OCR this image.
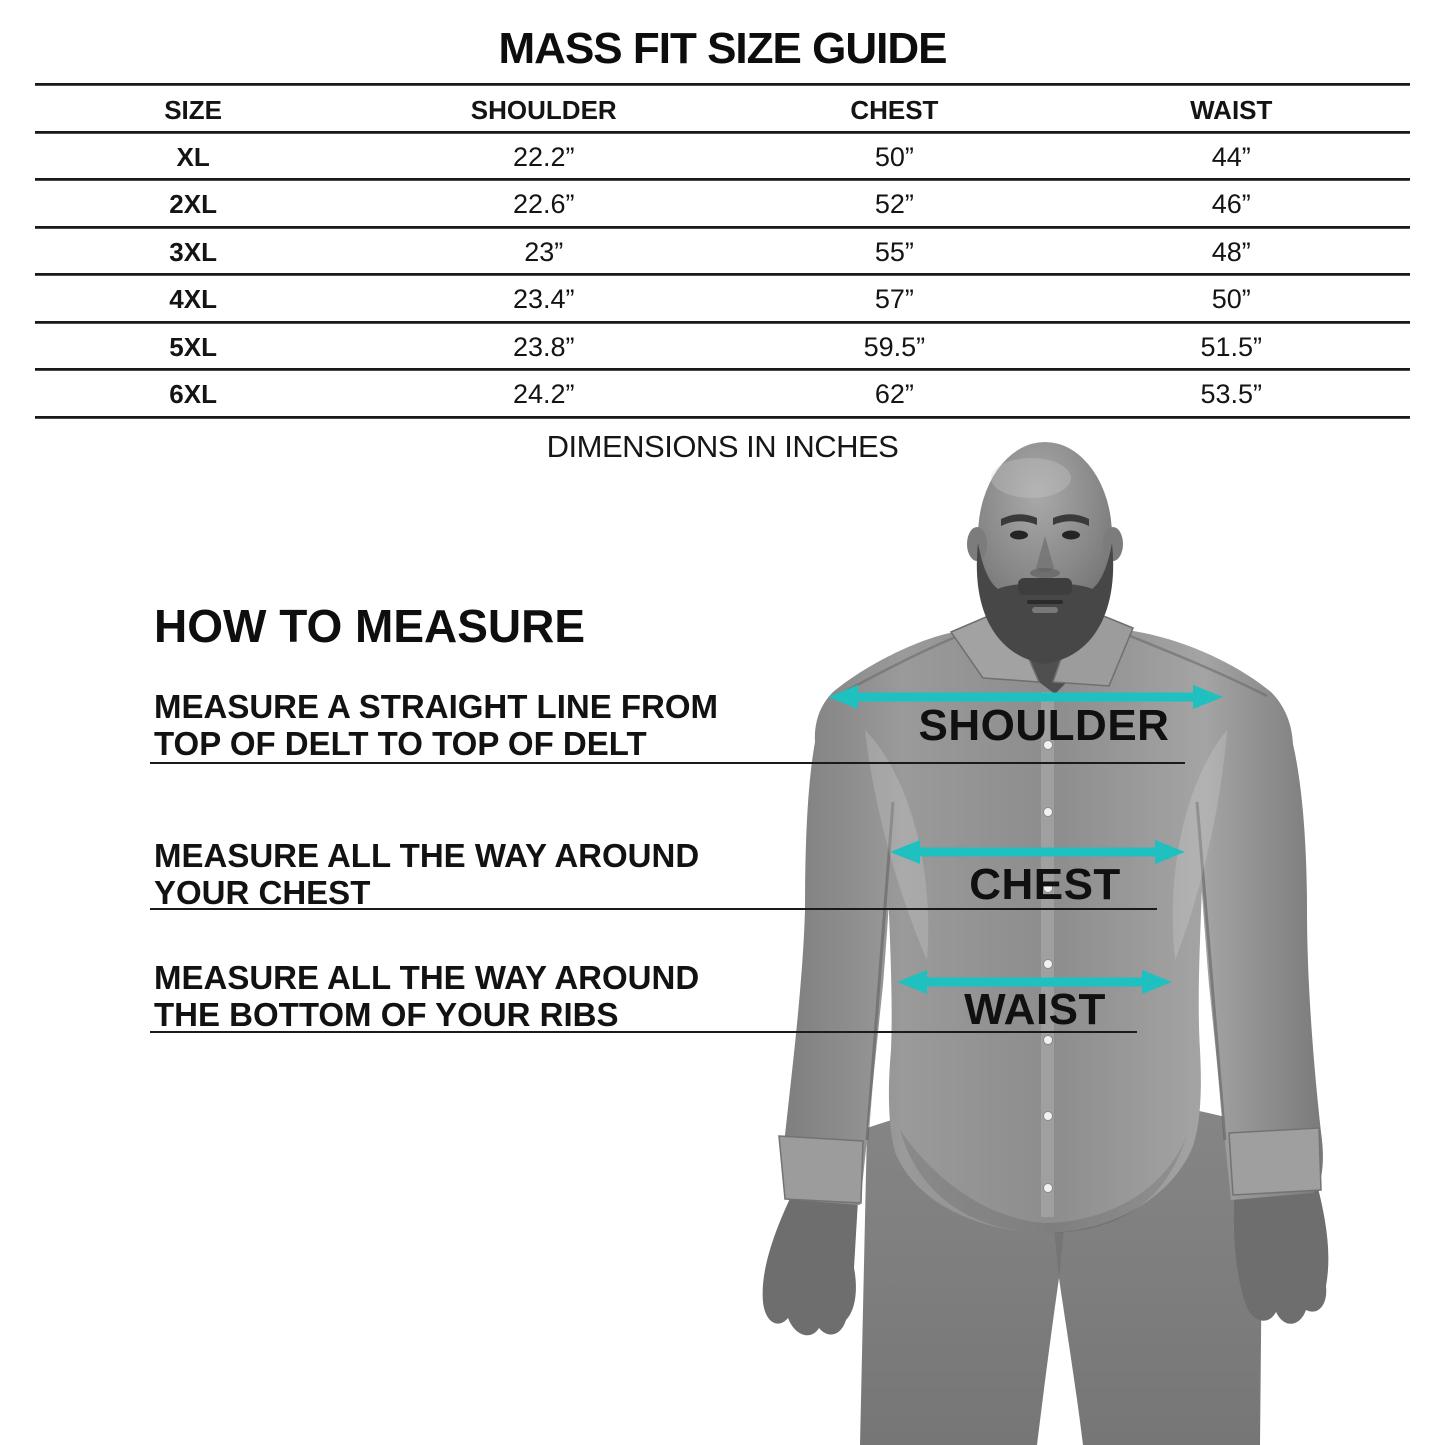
SHOULDER
CHEST
WAIST
MASS FIT SIZE GUIDE
SIZE	SHOULDER	CHEST	WAIST
XL	22.2”	50”	44”
2XL	22.6”	52”	46”
3XL	23”	55”	48”
4XL	23.4”	57”	50”
5XL	23.8”	59.5”	51.5”
6XL	24.2”	62”	53.5”
DIMENSIONS IN INCHES
HOW TO MEASURE
MEASURE A STRAIGHT LINE FROM
TOP OF DELT TO TOP OF DELT
MEASURE ALL THE WAY AROUND
YOUR CHEST
MEASURE ALL THE WAY AROUND
THE BOTTOM OF YOUR RIBS
